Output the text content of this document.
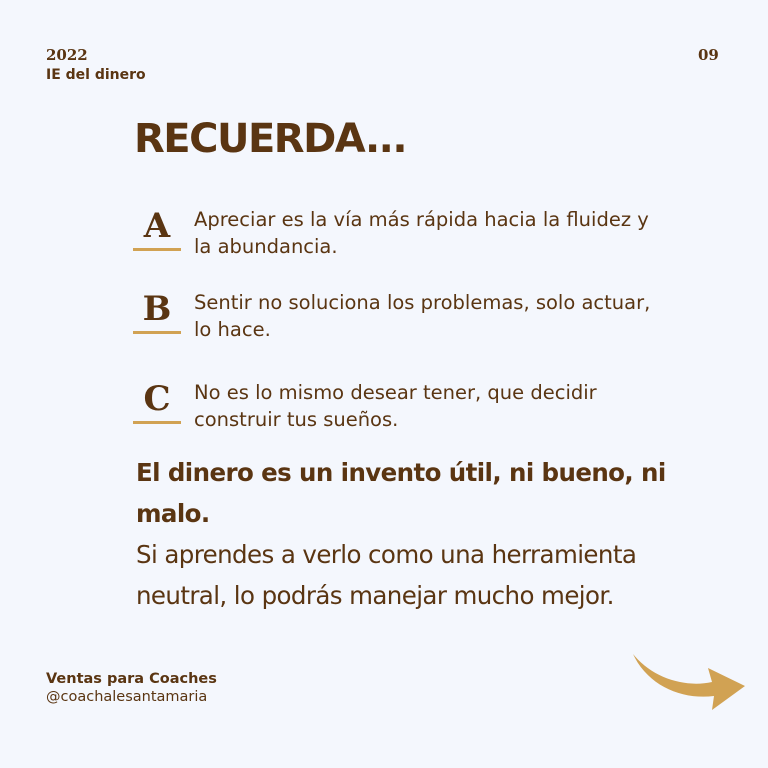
2022
IE del dinero
09
RECUERDA...
A	Apreciar es la vía más rápida hacia la fluidez y la abundancia.
B	Sentir no soluciona los problemas, solo actuar, lo hace.
C	No es lo mismo desear tener, que decidir construir tus sueños.
El dinero es un invento útil, ni bueno, ni malo.
Si aprendes a verlo como una herramienta neutral, lo podrás manejar mucho mejor.
Ventas para Coaches
@coachalesantamaria
